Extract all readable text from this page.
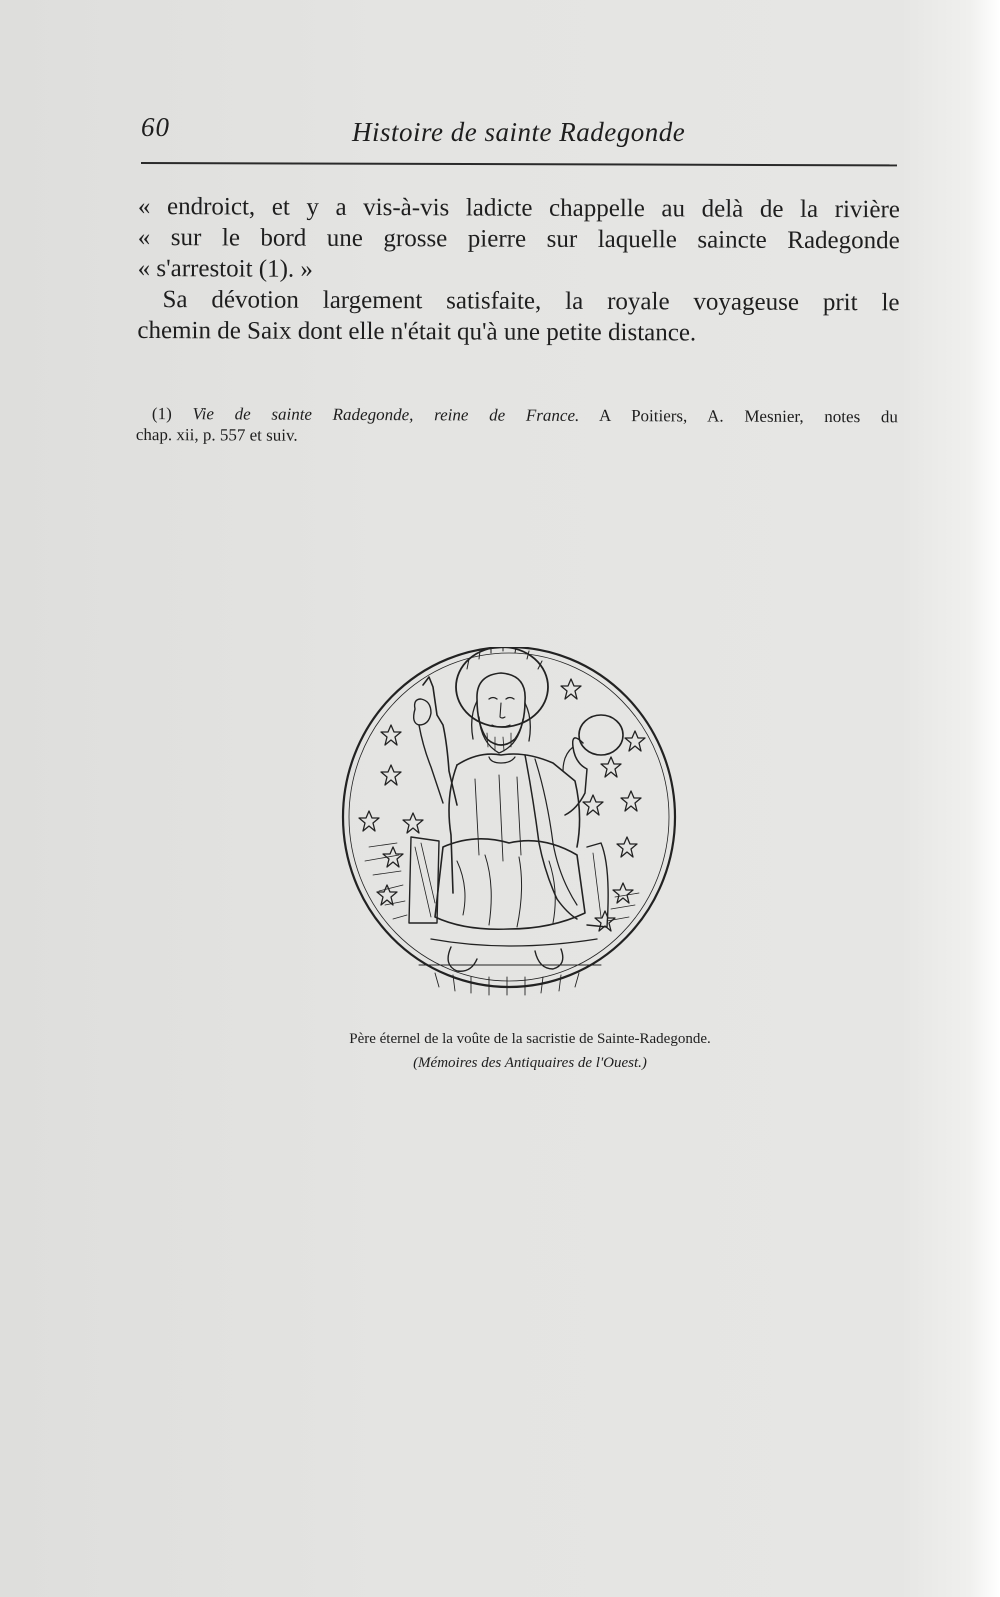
60	Histoire de sainte Radegonde
« endroict, et y a vis-à-vis ladicte chappelle au delà de la rivière
« sur le bord une grosse pierre sur laquelle saincte Radegonde
« s'arrestoit (1). »
Sa dévotion largement satisfaite, la royale voyageuse prit le
chemin de Saix dont elle n'était qu'à une petite distance.
(1) Vie de sainte Radegonde, reine de France. A Poitiers, A. Mesnier, notes du
chap. xii, p. 557 et suiv.
Père éternel de la voûte de la sacristie de Sainte-Radegonde.
(Mémoires des Antiquaires de l'Ouest.)
